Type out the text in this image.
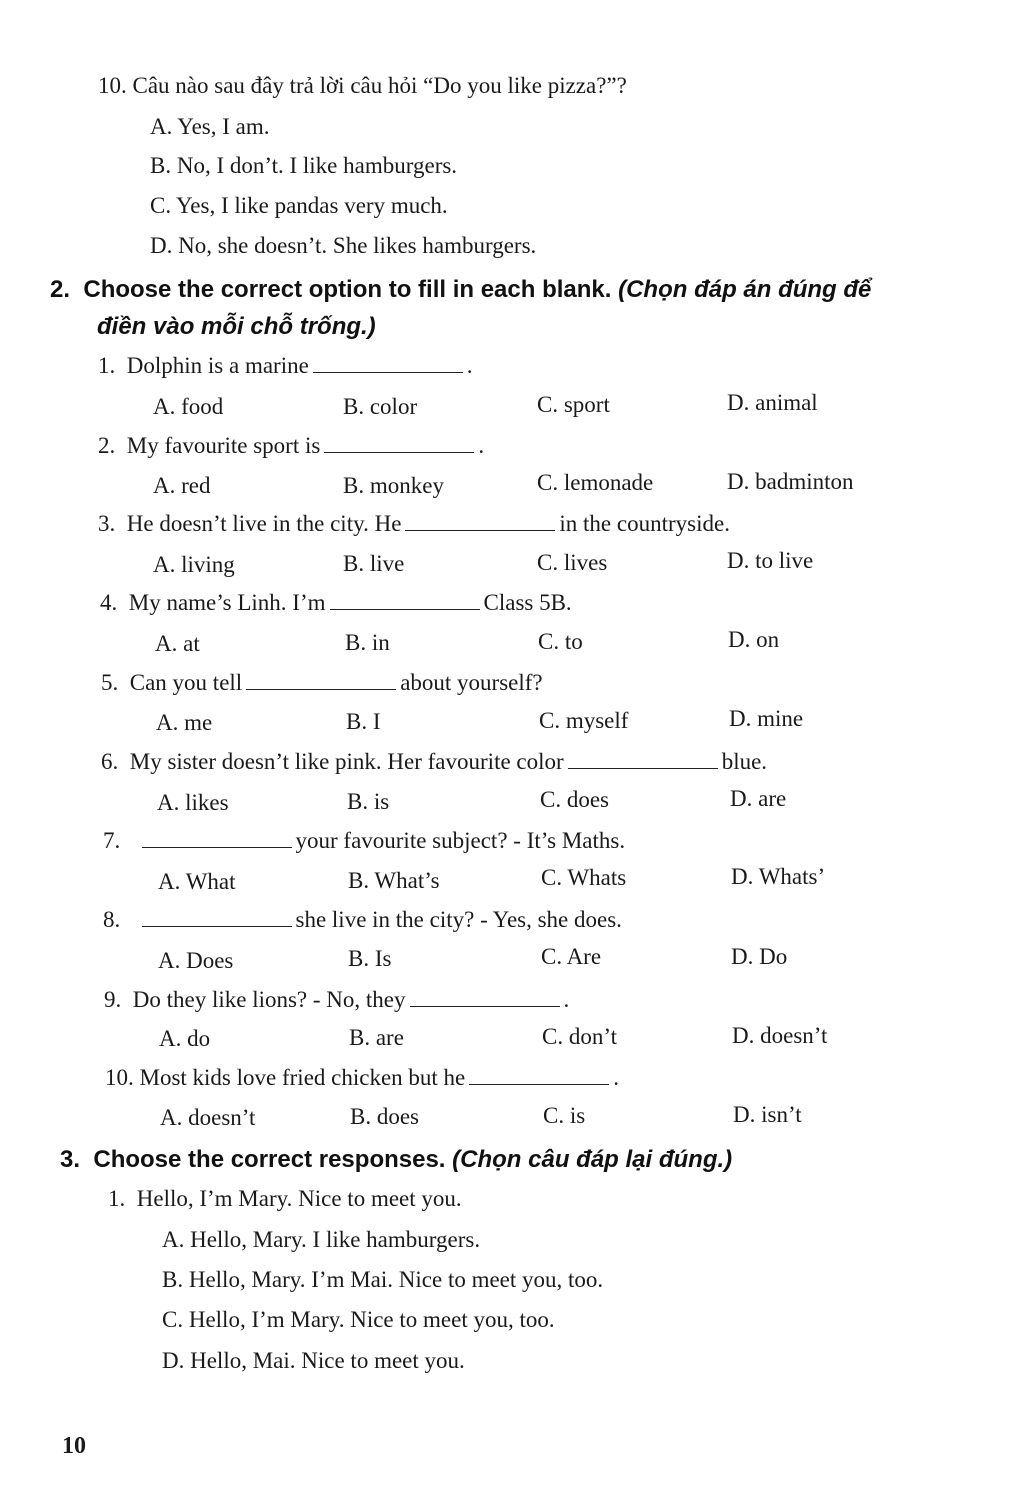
10. Câu nào sau đây trả lời câu hỏi “Do you like pizza?”?
A. Yes, I am.
B. No, I don’t. I like hamburgers.
C. Yes, I like pandas very much.
D. No, she doesn’t. She likes hamburgers.
2. Choose the correct option to fill in each blank. (Chọn đáp án đúng để
điền vào mỗi chỗ trống.)
1. Dolphin is a marine	.
A. food	B. color	C. sport	D. animal
2. My favourite sport is	.
A. red	B. monkey	C. lemonade	D. badminton
3. He doesn’t live in the city. He	in the countryside.
A. living	B. live	C. lives	D. to live
4. My name’s Linh. I’m	Class 5B.
A. at	B. in	C. to	D. on
5. Can you tell	about yourself?
A. me	B. I	C. myself	D. mine
6. My sister doesn’t like pink. Her favourite color	blue.
A. likes	B. is	C. does	D. are
7.	your favourite subject? - It’s Maths.
A. What	B. What’s	C. Whats	D. Whats’
8.	she live in the city? - Yes, she does.
A. Does	B. Is	C. Are	D. Do
9. Do they like lions? - No, they	.
A. do	B. are	C. don’t	D. doesn’t
10. Most kids love fried chicken but he	.
A. doesn’t	B. does	C. is	D. isn’t
3. Choose the correct responses. (Chọn câu đáp lại đúng.)
1. Hello, I’m Mary. Nice to meet you.
A. Hello, Mary. I like hamburgers.
B. Hello, Mary. I’m Mai. Nice to meet you, too.
C. Hello, I’m Mary. Nice to meet you, too.
D. Hello, Mai. Nice to meet you.
10
